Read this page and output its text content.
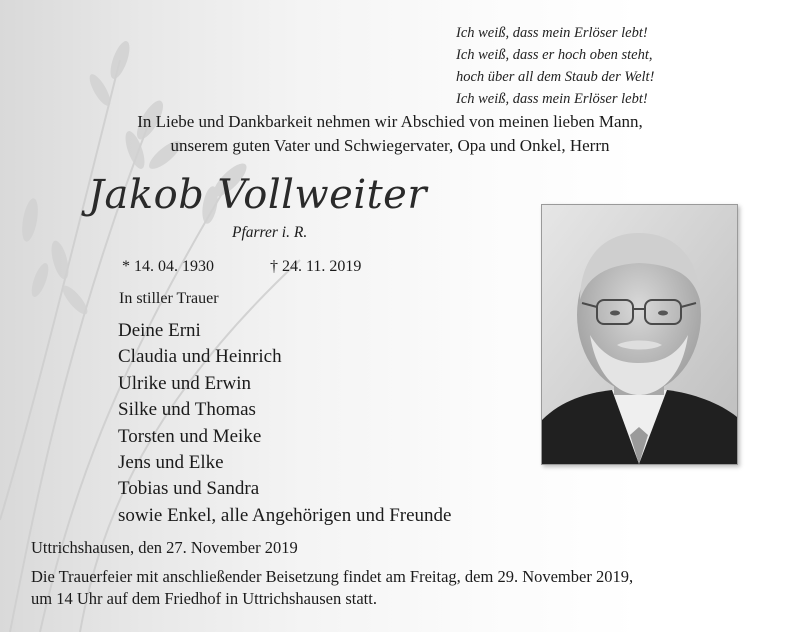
Ich weiß, dass mein Erlöser lebt!
Ich weiß, dass er hoch oben steht,
hoch über all dem Staub der Welt!
Ich weiß, dass mein Erlöser lebt!
In Liebe und Dankbarkeit nehmen wir Abschied von meinen lieben Mann,
unserem guten Vater und Schwiegervater, Opa und Onkel, Herrn
Jakob Vollweiter
Pfarrer i. R.
* 14. 04. 1930	† 24. 11. 2019
In stiller Trauer
Deine Erni
Claudia und Heinrich
Ulrike und Erwin
Silke und Thomas
Torsten und Meike
Jens und Elke
Tobias und Sandra
sowie Enkel, alle Angehörigen und Freunde
Uttrichshausen, den 27. November 2019
Die Trauerfeier mit anschließender Beisetzung findet am Freitag, dem 29. November 2019,
um 14 Uhr auf dem Friedhof in Uttrichshausen statt.
